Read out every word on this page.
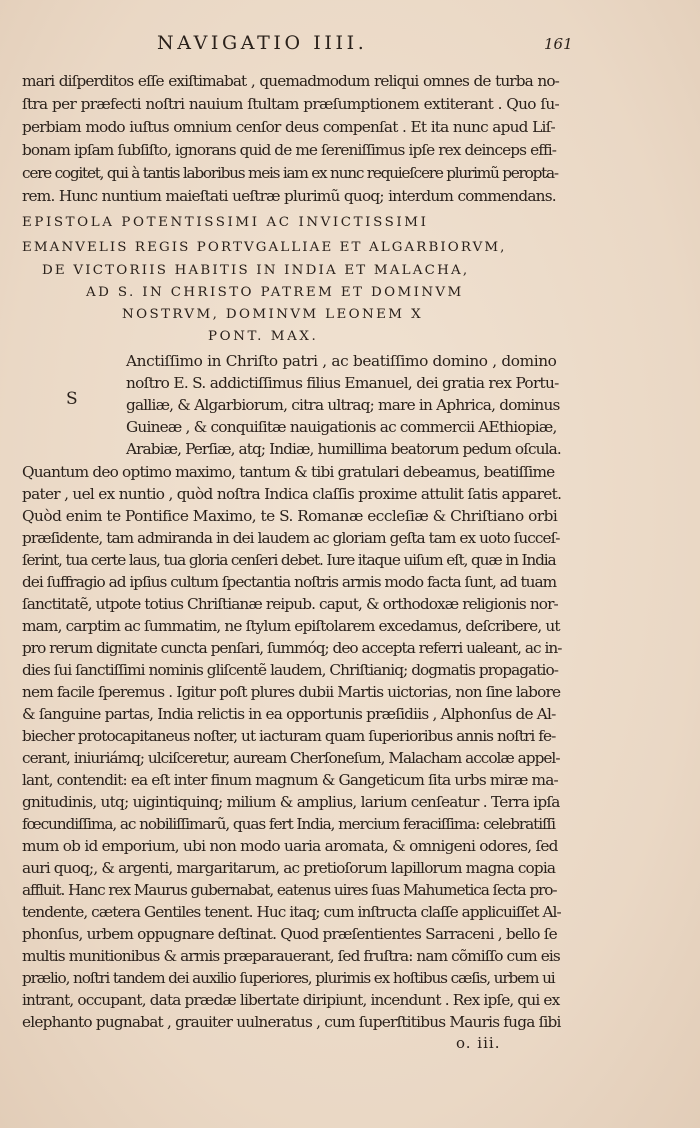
NAVIGATIO IIII.	161
mari diſperditos eſſe exiſtimabat , quemadmodum reliqui omnes de turba no-
ſtra per præfecti noſtri nauium ſtultam præſumptionem extiterant . Quo ſu-
perbiam modo iuſtus omnium cenſor deus compenſat . Et ita nunc apud Liſ-
bonam ipſam ſubſiſto, ignorans quid de me ſereniſſimus ipſe rex deinceps effi-
cere cogitet, qui à tantis laboribus meis iam ex nunc requieſcere plurimũ peropta-
rem. Hunc nuntium maieſtati ueſtræ plurimũ quoq; interdum commendans.
EPISTOLA POTENTISSIMI AC INVICTISSIMI
EMANVELIS REGIS PORTVGALLIAE ET ALGARBIORVM,
DE VICTORIIS HABITIS IN INDIA ET MALACHA,
AD S. IN CHRISTO PATREM ET DOMINVM
NOSTRVM, DOMINVM LEONEM X
PONT. MAX.
S
Anctiſſimo in Chriſto patri , ac beatiſſimo domino , domino
noſtro E. S. addictiſſimus filius Emanuel, dei gratia rex Portu-
galliæ, & Algarbiorum, citra ultraq; mare in Aphrica, dominus
Guineæ , & conquiſitæ nauigationis ac commercii AEthiopiæ,
Arabiæ, Perſiæ, atq; Indiæ, humillima beatorum pedum oſcula.
Quantum deo optimo maximo, tantum & tibi gratulari debeamus, beatiſſime
pater , uel ex nuntio , quòd noſtra Indica claſſis proxime attulit ſatis apparet.
Quòd enim te Pontifice Maximo, te S. Romanæ eccleſiæ & Chriſtiano orbi
præſidente, tam admiranda in dei laudem ac gloriam geſta tam ex uoto ſucceſ-
ſerint, tua certe laus, tua gloria cenſeri debet. Iure itaque uiſum eſt, quæ in India
dei ſuffragio ad ipſius cultum ſpectantia noſtris armis modo facta ſunt, ad tuam
ſanctitatẽ, utpote totius Chriſtianæ reipub. caput, & orthodoxæ religionis nor-
mam, carptim ac ſummatim, ne ſtylum epiſtolarem excedamus, deſcribere, ut
pro rerum dignitate cuncta penſari, ſummóq; deo accepta referri ualeant, ac in-
dies ſui ſanctiſſimi nominis gliſcentẽ laudem, Chriſtianiq; dogmatis propagatio-
nem facile ſperemus . Igitur poſt plures dubii Martis uictorias, non ſine labore
& ſanguine partas, India relictis in ea opportunis præſidiis , Alphonſus de Al-
biecher protocapitaneus noſter, ut iacturam quam ſuperioribus annis noſtri fe-
cerant, iniuriámq; ulciſceretur, auream Cherſoneſum, Malacham accolæ appel-
lant, contendit: ea eſt inter finum magnum & Gangeticum ſita urbs miræ ma-
gnitudinis, utq; uigintiquinq; milium & amplius, larium cenſeatur . Terra ipſa
fœcundiſſima, ac nobiliſſimarũ, quas fert India, mercium feraciſſima: celebratiſſi
mum ob id emporium, ubi non modo uaria aromata, & omnigeni odores, ſed
auri quoq;, & argenti, margaritarum, ac pretioſorum lapillorum magna copia
affluit. Hanc rex Maurus gubernabat, eatenus uires ſuas Mahumetica ſecta pro-
tendente, cætera Gentiles tenent. Huc itaq; cum inſtructa claſſe applicuiſſet Al-
phonſus, urbem oppugnare deſtinat. Quod præſentientes Sarraceni , bello ſe
multis munitionibus & armis præparauerant, ſed fruſtra: nam cõmiſſo cum eis
prælio, noſtri tandem dei auxilio ſuperiores, plurimis ex hoſtibus cæſis, urbem ui
intrant, occupant, data prædæ libertate diripiunt, incendunt . Rex ipſe, qui ex
elephanto pugnabat , grauiter uulneratus , cum ſuperſtitibus Mauris fuga ſibi
o. iii.
